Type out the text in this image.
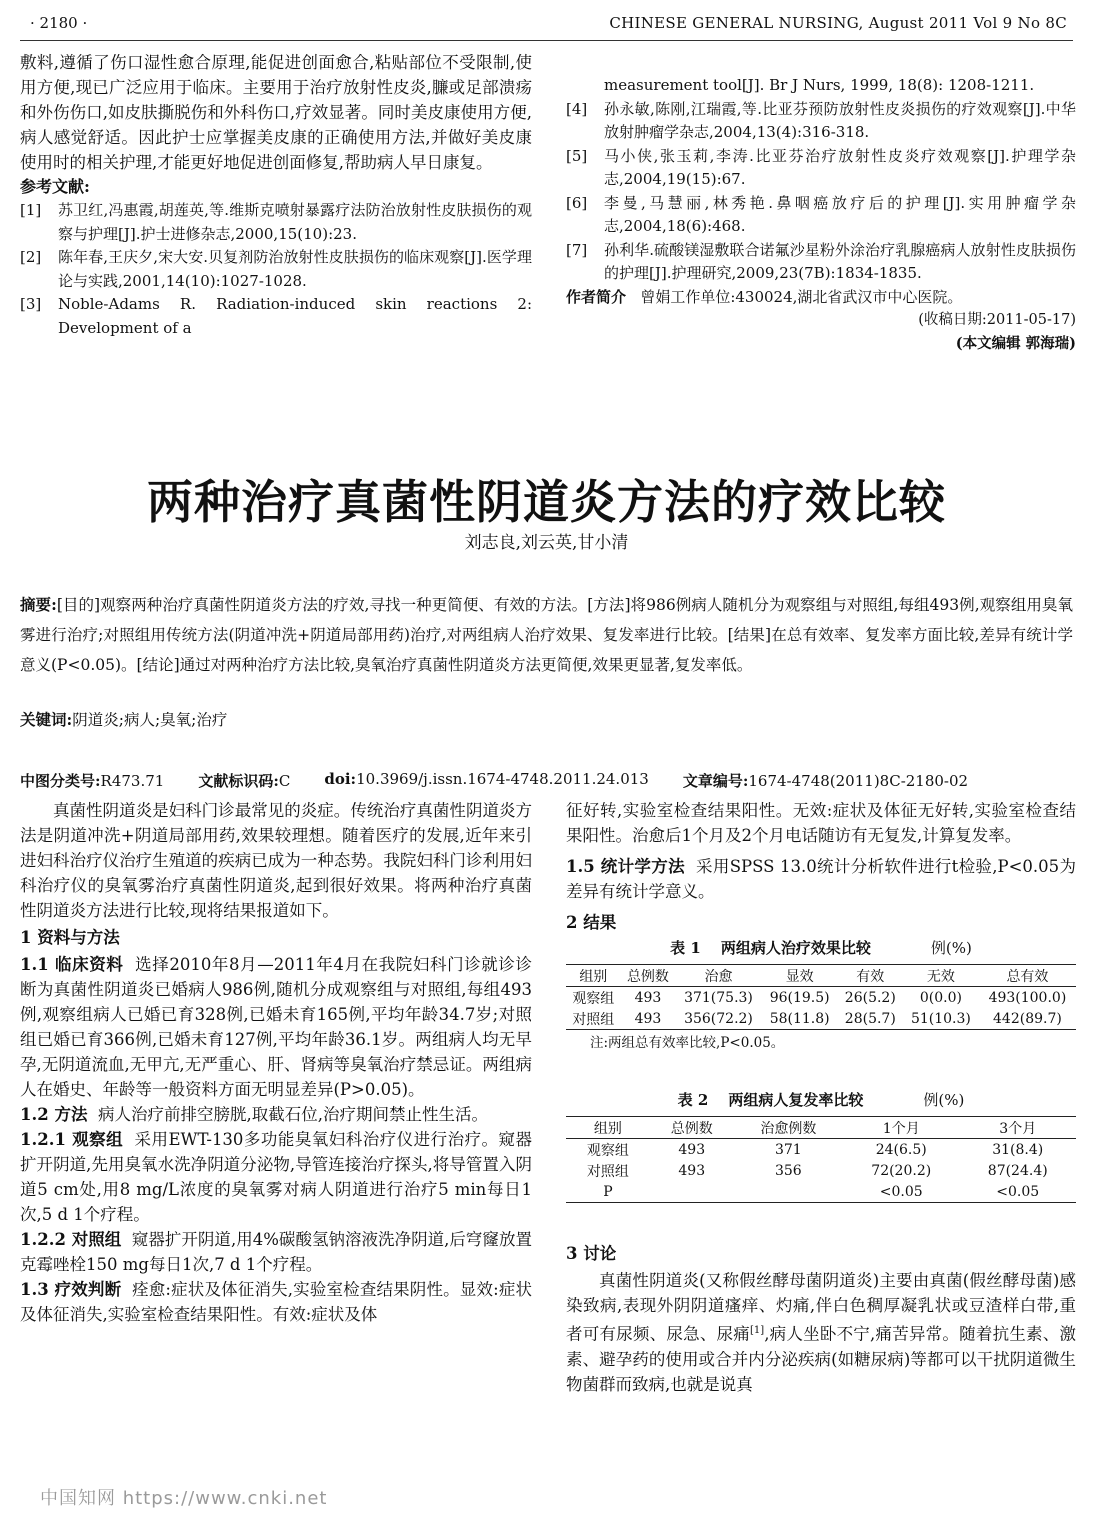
· 2180 ·	CHINESE GENERAL NURSING, August 2011 Vol 9 No 8C

敷料,遵循了伤口湿性愈合原理,能促进创面愈合,粘贴部位不受限制,使用方便,现已广泛应用于临床。主要用于治疗放射性皮炎,臁或足部溃疡和外伤伤口,如皮肤撕脱伤和外科伤口,疗效显著。同时美皮康使用方便,病人感觉舒适。因此护士应掌握美皮康的正确使用方法,并做好美皮康使用时的相关护理,才能更好地促进创面修复,帮助病人早日康复。

参考文献:
[1]	苏卫红,冯惠霞,胡莲英,等.维斯克喷射暴露疗法防治放射性皮肤损伤的观察与护理[J].护士进修杂志,2000,15(10):23.
[2]	陈年春,王庆夕,宋大安.贝复剂防治放射性皮肤损伤的临床观察[J].医学理论与实践,2001,14(10):1027-1028.
[3]	Noble-Adams R. Radiation-induced skin reactions 2: Development of a
measurement tool[J]. Br J Nurs, 1999, 18(8): 1208-1211.
[4]	孙永敏,陈刚,江瑞霞,等.比亚芬预防放射性皮炎损伤的疗效观察[J].中华放射肿瘤学杂志,2004,13(4):316-318.
[5]	马小侠,张玉莉,李涛.比亚芬治疗放射性皮炎疗效观察[J].护理学杂志,2004,19(15):67.
[6]	李曼,马慧丽,林秀艳.鼻咽癌放疗后的护理[J].实用肿瘤学杂志,2004,18(6):468.
[7]	孙利华.硫酸镁湿敷联合诺氟沙星粉外涂治疗乳腺癌病人放射性皮肤损伤的护理[J].护理研究,2009,23(7B):1834-1835.
作者简介 曾娟工作单位:430024,湖北省武汉市中心医院。
(收稿日期:2011-05-17)
(本文编辑 郭海瑞)
两种治疗真菌性阴道炎方法的疗效比较
刘志良,刘云英,甘小清
摘要:[目的]观察两种治疗真菌性阴道炎方法的疗效,寻找一种更简便、有效的方法。[方法]将986例病人随机分为观察组与对照组,每组493例,观察组用臭氧雾进行治疗;对照组用传统方法(阴道冲洗+阴道局部用药)治疗,对两组病人治疗效果、复发率进行比较。[结果]在总有效率、复发率方面比较,差异有统计学意义(P<0.05)。[结论]通过对两种治疗方法比较,臭氧治疗真菌性阴道炎方法更简便,效果更显著,复发率低。
关键词:阴道炎;病人;臭氧;治疗
中图分类号:R473.71 文献标识码:C doi:10.3969/j.issn.1674-4748.2011.24.013 文章编号:1674-4748(2011)8C-2180-02

真菌性阴道炎是妇科门诊最常见的炎症。传统治疗真菌性阴道炎方法是阴道冲洗+阴道局部用药,效果较理想。随着医疗的发展,近年来引进妇科治疗仪治疗生殖道的疾病已成为一种态势。我院妇科门诊利用妇科治疗仪的臭氧雾治疗真菌性阴道炎,起到很好效果。将两种治疗真菌性阴道炎方法进行比较,现将结果报道如下。

1 资料与方法

1.1 临床资料 选择2010年8月—2011年4月在我院妇科门诊就诊诊断为真菌性阴道炎已婚病人986例,随机分成观察组与对照组,每组493例,观察组病人已婚已育328例,已婚未育165例,平均年龄34.7岁;对照组已婚已育366例,已婚未育127例,平均年龄36.1岁。两组病人均无早孕,无阴道流血,无甲亢,无严重心、肝、肾病等臭氧治疗禁忌证。两组病人在婚史、年龄等一般资料方面无明显差异(P>0.05)。

1.2 方法 病人治疗前排空膀胱,取截石位,治疗期间禁止性生活。

1.2.1 观察组 采用EWT-130多功能臭氧妇科治疗仪进行治疗。窥器扩开阴道,先用臭氧水洗净阴道分泌物,导管连接治疗探头,将导管置入阴道5 cm处,用8 mg/L浓度的臭氧雾对病人阴道进行治疗5 min每日1次,5 d 1个疗程。

1.2.2 对照组 窥器扩开阴道,用4%碳酸氢钠溶液洗净阴道,后穹窿放置克霉唑栓150 mg每日1次,7 d 1个疗程。

1.3 疗效判断 痊愈:症状及体征消失,实验室检查结果阴性。显效:症状及体征消失,实验室检查结果阳性。有效:症状及体

征好转,实验室检查结果阳性。无效:症状及体征无好转,实验室检查结果阳性。治愈后1个月及2个月电话随访有无复发,计算复发率。

1.5 统计学方法 采用SPSS 13.0统计分析软件进行t检验,P<0.05为差异有统计学意义。

2 结果
表 1 两组病人治疗效果比较	例(%)
组别	总例数	治愈	显效	有效	无效	总有效
观察组	493	371(75.3)	96(19.5)	26(5.2)	0(0.0)	493(100.0)
对照组	493	356(72.2)	58(11.8)	28(5.7)	51(10.3)	442(89.7)
注:两组总有效率比较,P<0.05。						
表 2 两组病人复发率比较	例(%)
组别	总例数	治愈例数	1个月	3个月
观察组	493	371	24(6.5)	31(8.4)
对照组	493	356	72(20.2)	87(24.4)
P			<0.05	<0.05
3 讨论

真菌性阴道炎(又称假丝酵母菌阴道炎)主要由真菌(假丝酵母菌)感染致病,表现外阴阴道瘙痒、灼痛,伴白色稠厚凝乳状或豆渣样白带,重者可有尿频、尿急、尿痛[1],病人坐卧不宁,痛苦异常。随着抗生素、激素、避孕药的使用或合并内分泌疾病(如糖尿病)等都可以干扰阴道微生物菌群而致病,也就是说真

中国知网 https://www.cnki.net
